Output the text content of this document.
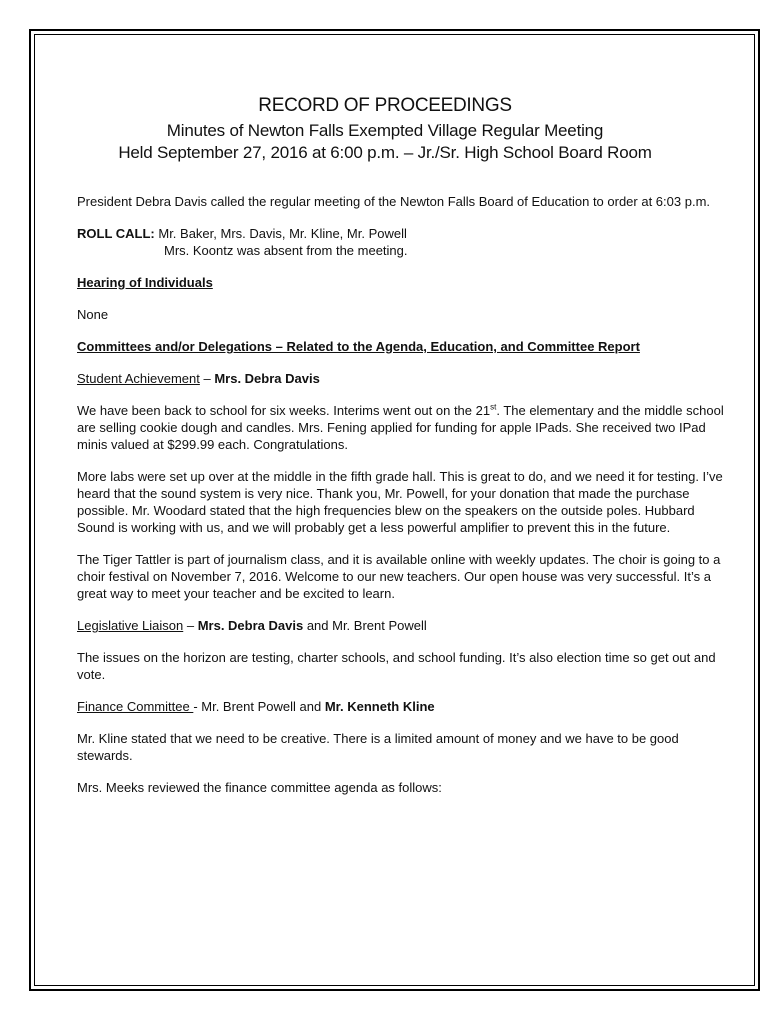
RECORD OF PROCEEDINGS
Minutes of Newton Falls Exempted Village Regular Meeting
Held September 27, 2016 at 6:00 p.m. – Jr./Sr. High School Board Room

President Debra Davis called the regular meeting of the Newton Falls Board of Education to order at 6:03 p.m.

ROLL CALL: Mr. Baker, Mrs. Davis, Mr. Kline, Mr. Powell

Mrs. Koontz was absent from the meeting.

Hearing of Individuals

None

Committees and/or Delegations – Related to the Agenda, Education, and Committee Report

Student Achievement – Mrs. Debra Davis

We have been back to school for six weeks. Interims went out on the 21st. The elementary and the middle school are selling cookie dough and candles. Mrs. Fening applied for funding for apple IPads. She received two IPad minis valued at $299.99 each. Congratulations.

More labs were set up over at the middle in the fifth grade hall. This is great to do, and we need it for testing. I’ve heard that the sound system is very nice. Thank you, Mr. Powell, for your donation that made the purchase possible. Mr. Woodard stated that the high frequencies blew on the speakers on the outside poles. Hubbard Sound is working with us, and we will probably get a less powerful amplifier to prevent this in the future.

The Tiger Tattler is part of journalism class, and it is available online with weekly updates. The choir is going to a choir festival on November 7, 2016. Welcome to our new teachers. Our open house was very successful. It’s a great way to meet your teacher and be excited to learn.

Legislative Liaison – Mrs. Debra Davis and Mr. Brent Powell

The issues on the horizon are testing, charter schools, and school funding. It’s also election time so get out and vote.

Finance Committee - Mr. Brent Powell and Mr. Kenneth Kline

Mr. Kline stated that we need to be creative. There is a limited amount of money and we have to be good stewards.

Mrs. Meeks reviewed the finance committee agenda as follows:
